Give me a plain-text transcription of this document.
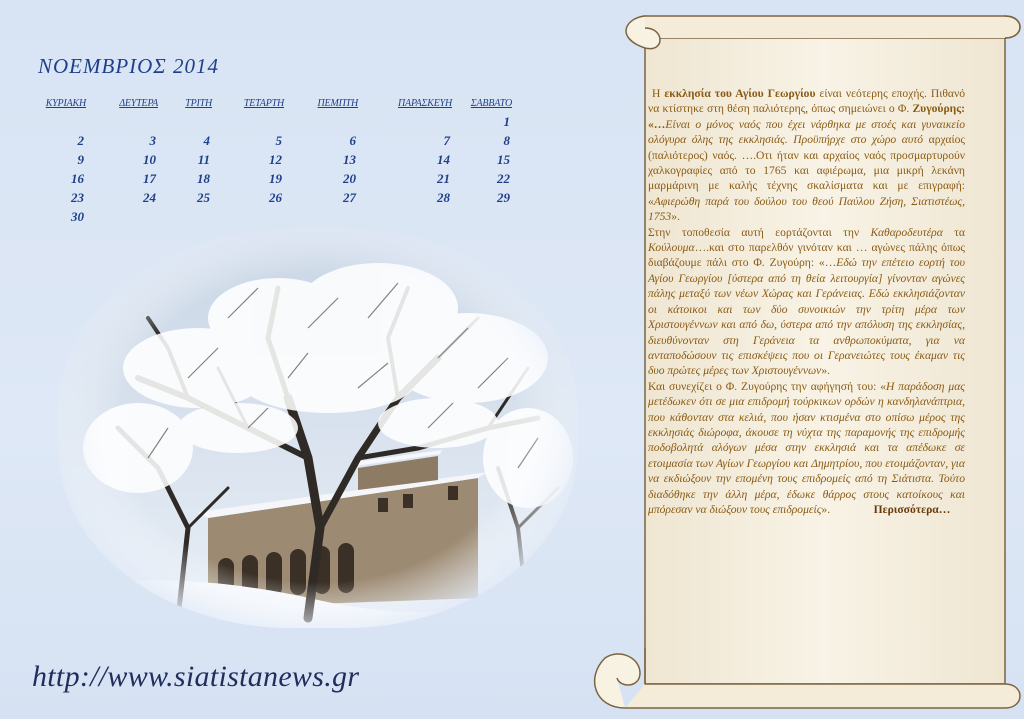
ΝΟΕΜΒΡΙΟΣ 2014
ΚΥΡΙΑΚΗ	ΔΕΥΤΕΡΑ	ΤΡΙΤΗ	ΤΕΤΑΡΤΗ	ΠΕΜΠΤΗ	ΠΑΡΑΣΚΕΥΗ	ΣΑΒΒΑΤΟ
						1
2	3	4	5	6	7	8
9	10	11	12	13	14	15
16	17	18	19	20	21	22
23	24	25	26	27	28	29
30						
http://www.siatistanews.gr

Η εκκλησία του Αγίου Γεωργίου είναι νεότερης εποχής. Πιθανό να κτίστηκε στη θέση παλιότερης, όπως σημειώνει ο Φ. Ζυγούρης: «…Είναι ο μόνος ναός που έχει νάρθηκα με στοές και γυναικείο ολόγυρα όλης της εκκλησιάς. Προϋπήρχε στο χώρο αυτό αρχαίος (παλιότερος) ναός. ….Οτι ήταν και αρχαίος ναός προσμαρτυρούν χαλκογραφίες από το 1765 και αφιέρωμα, μια μικρή λεκάνη μαρμάρινη με καλής τέχνης σκαλίσματα και με επιγραφή: «Αφιερώθη παρά του δούλου του θεού Παύλου Ζήση, Σιατιστέως, 1753».

Στην τοποθεσία αυτή εορτάζονται την Καθαροδευτέρα τα Κούλουμα….και στο παρελθόν γινόταν και … αγώνες πάλης όπως διαβάζουμε πάλι στο Φ. Ζυγούρη: «…Εδώ την επέτειο εορτή του Αγίου Γεωργίου [ύστερα από τη θεία λειτουργία] γίνονταν αγώνες πάλης μεταξύ των νέων Χώρας και Γεράνειας. Εδώ εκκλησιάζονταν οι κάτοικοι και των δύο συνοικιών την τρίτη μέρα των Χριστουγέννων και από δω, ύστερα από την απόλυση της εκκλησίας, διευθύνονταν στη Γεράνεια τα ανθρωποκύματα, για να ανταποδώσουν τις επισκέψεις που οι Γερανειώτες τους έκαμαν τις δυο πρώτες μέρες των Χριστουγέννων».

Και συνεχίζει ο Φ. Ζυγούρης την αφήγησή του: «Η παράδοση μας μετέδωκεν ότι σε μια επιδρομή τούρκικων ορδών η κανδηλανάπτρια, που κάθονταν στα κελιά, που ήσαν κτισμένα στο οπίσω μέρος της εκκλησιάς διώροφα, άκουσε τη νύχτα της παραμονής της επιδρομής ποδοβολητά αλόγων μέσα στην εκκλησιά και τα απέδωκε σε ετοιμασία των Αγίων Γεωργίου και Δημητρίου, που ετοιμάζονταν, για να εκδιώξουν την επομένη τους επιδρομείς από τη Σιάτιστα. Τούτο διαδόθηκε την άλλη μέρα, έδωκε θάρρος στους κατοίκους και μπόρεσαν να διώξουν τους επιδρομείς».	Περισσότερα…
